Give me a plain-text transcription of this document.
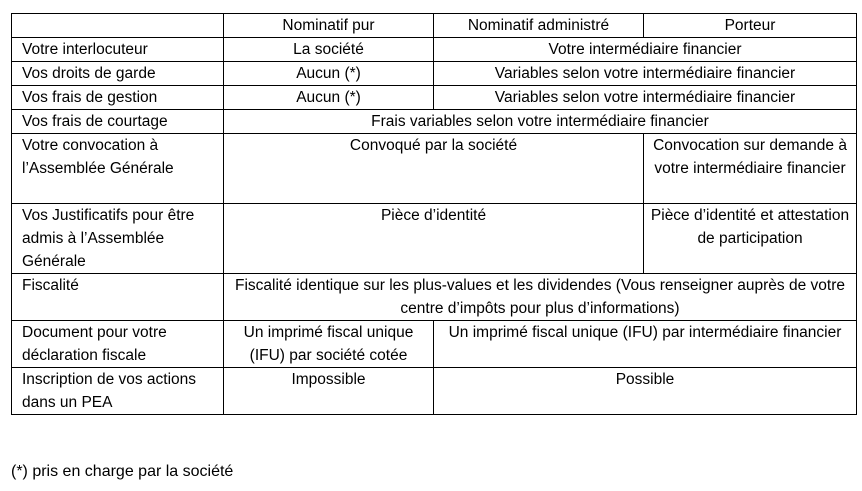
	Nominatif pur	Nominatif administré	Porteur
Votre interlocuteur	La société	Votre intermédiaire financier	
Vos droits de garde	Aucun (*)	Variables selon votre intermédiaire financier	
Vos frais de gestion	Aucun (*)	Variables selon votre intermédiaire financier	
Vos frais de courtage	Frais variables selon votre intermédiaire financier		
Votre convocation à l’Assemblée Générale	Convoqué par la société		Convocation sur demande à votre intermédiaire financier
Vos Justificatifs pour être admis à l’Assemblée Générale	Pièce d’identité		Pièce d’identité et attestation de participation
Fiscalité	Fiscalité identique sur les plus-values et les dividendes (Vous renseigner auprès de votre centre d’impôts pour plus d’informations)		
Document pour votre déclaration fiscale	Un imprimé fiscal unique (IFU) par société cotée	Un imprimé fiscal unique (IFU) par intermédiaire financier	
Inscription de vos actions dans un PEA	Impossible	Possible	
(*) pris en charge par la société
